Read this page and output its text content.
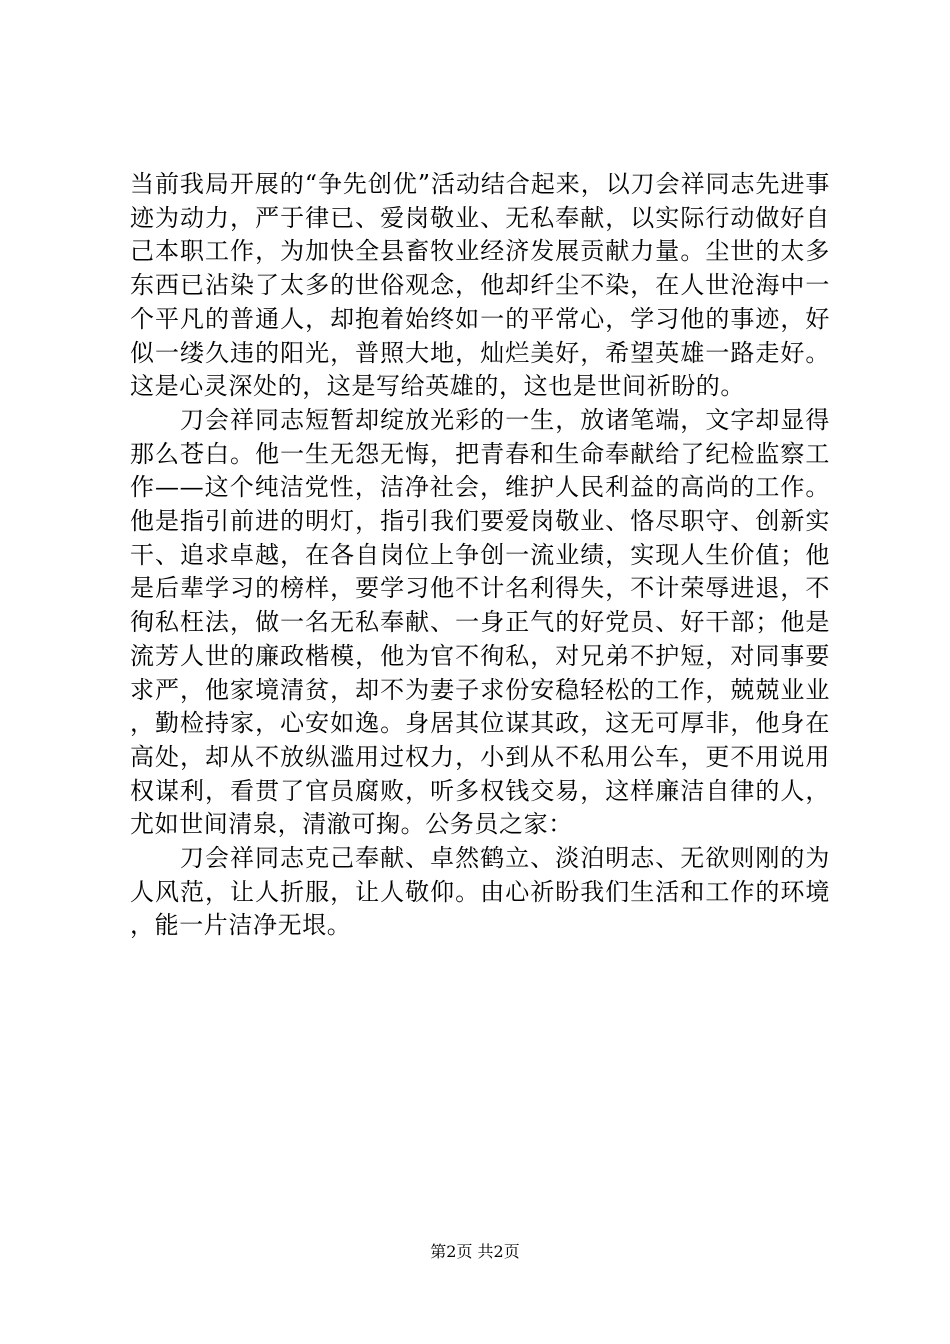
当前我局开展的“争先创优”活动结合起来，以刀会祥同志先进事迹为动力，严于律已、爱岗敬业、无私奉献，以实际行动做好自己本职工作，为加快全县畜牧业经济发展贡献力量。尘世的太多东西已沾染了太多的世俗观念，他却纤尘不染，在人世沧海中一个平凡的普通人，却抱着始终如一的平常心，学习他的事迹，好似一缕久违的阳光，普照大地，灿烂美好，希望英雄一路走好。这是心灵深处的，这是写给英雄的，这也是世间祈盼的。

刀会祥同志短暂却绽放光彩的一生，放诸笔端，文字却显得那么苍白。他一生无怨无悔，把青春和生命奉献给了纪检监察工作——这个纯洁党性，洁净社会，维护人民利益的高尚的工作。他是指引前进的明灯，指引我们要爱岗敬业、恪尽职守、创新实干、追求卓越，在各自岗位上争创一流业绩，实现人生价值；他是后辈学习的榜样，要学习他不计名利得失，不计荣辱进退，不徇私枉法，做一名无私奉献、一身正气的好党员、好干部；他是流芳人世的廉政楷模，他为官不徇私，对兄弟不护短，对同事要求严，他家境清贫，却不为妻子求份安稳轻松的工作，兢兢业业，勤检持家，心安如逸。身居其位谋其政，这无可厚非，他身在高处，却从不放纵滥用过权力，小到从不私用公车，更不用说用权谋利，看贯了官员腐败，听多权钱交易，这样廉洁自律的人，尤如世间清泉，清澈可掬。公务员之家：

刀会祥同志克己奉献、卓然鹤立、淡泊明志、无欲则刚的为人风范，让人折服，让人敬仰。由心祈盼我们生活和工作的环境，能一片洁净无垠。

第2页 共2页
